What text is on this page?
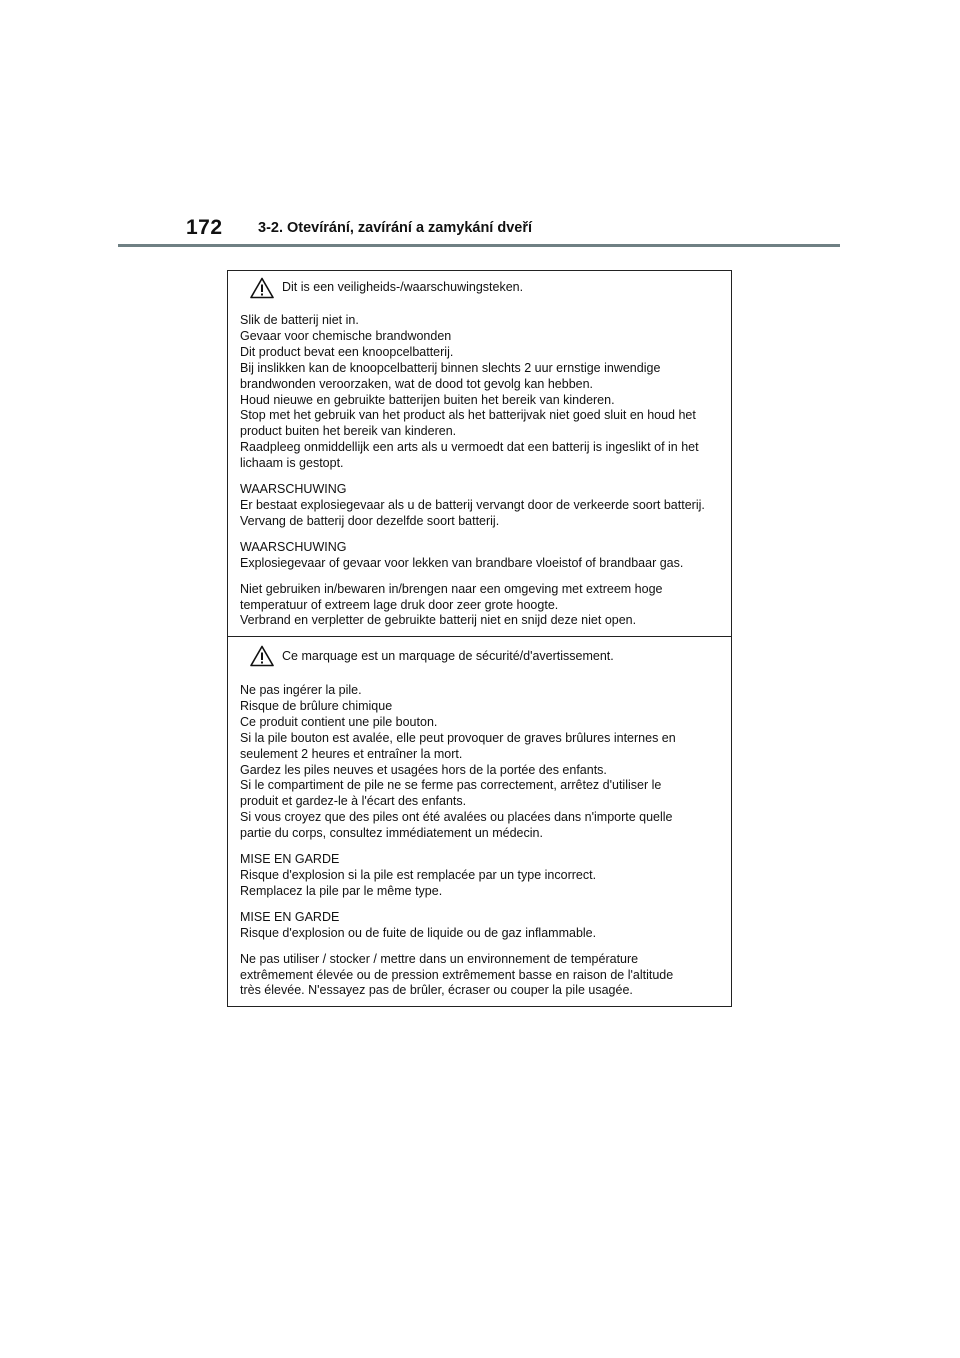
172 3-2. Otevírání, zavírání a zamykání dveří
Dit is een veiligheids-/waarschuwingsteken.

Slik de batterij niet in.

Gevaar voor chemische brandwonden

Dit product bevat een knoopcelbatterij.

Bij inslikken kan de knoopcelbatterij binnen slechts 2 uur ernstige inwendige

brandwonden veroorzaken, wat de dood tot gevolg kan hebben.

Houd nieuwe en gebruikte batterijen buiten het bereik van kinderen.

Stop met het gebruik van het product als het batterijvak niet goed sluit en houd het

product buiten het bereik van kinderen.

Raadpleeg onmiddellijk een arts als u vermoedt dat een batterij is ingeslikt of in het

lichaam is gestopt.

WAARSCHUWING

Er bestaat explosiegevaar als u de batterij vervangt door de verkeerde soort batterij.

Vervang de batterij door dezelfde soort batterij.

WAARSCHUWING

Explosiegevaar of gevaar voor lekken van brandbare vloeistof of brandbaar gas.

Niet gebruiken in/bewaren in/brengen naar een omgeving met extreem hoge

temperatuur of extreem lage druk door zeer grote hoogte.

Verbrand en verpletter de gebruikte batterij niet en snijd deze niet open.

Ce marquage est un marquage de sécurité/d'avertissement.

Ne pas ingérer la pile.

Risque de brûlure chimique

Ce produit contient une pile bouton.

Si la pile bouton est avalée, elle peut provoquer de graves brûlures internes en

seulement 2 heures et entraîner la mort.

Gardez les piles neuves et usagées hors de la portée des enfants.

Si le compartiment de pile ne se ferme pas correctement, arrêtez d'utiliser le

produit et gardez-le à l'écart des enfants.

Si vous croyez que des piles ont été avalées ou placées dans n'importe quelle

partie du corps, consultez immédiatement un médecin.

MISE EN GARDE

Risque d'explosion si la pile est remplacée par un type incorrect.

Remplacez la pile par le même type.

MISE EN GARDE

Risque d'explosion ou de fuite de liquide ou de gaz inflammable.

Ne pas utiliser / stocker / mettre dans un environnement de température

extrêmement élevée ou de pression extrêmement basse en raison de l'altitude

très élevée. N'essayez pas de brûler, écraser ou couper la pile usagée.
